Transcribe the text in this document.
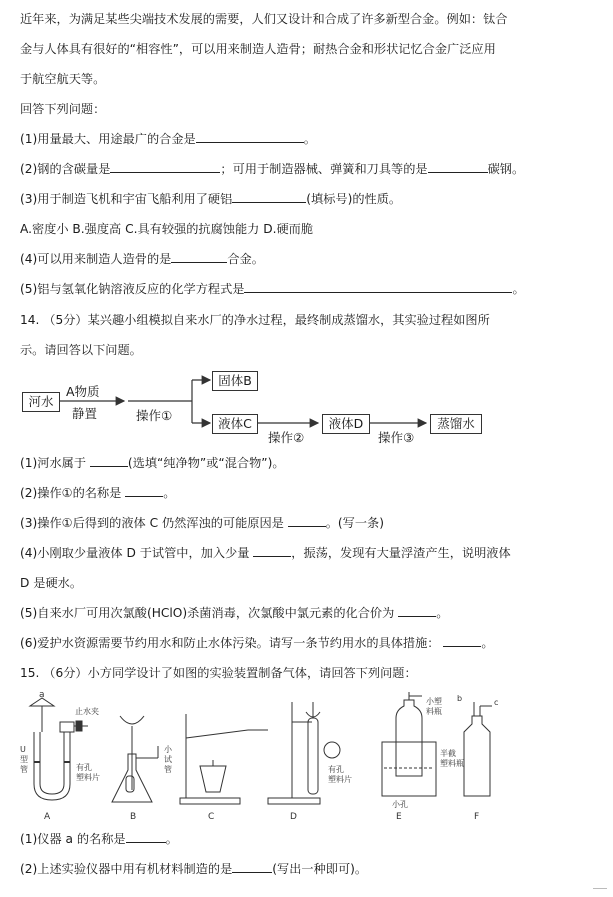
近年来，为满足某些尖端技术发展的需要，人们又设计和合成了许多新型合金。例如：钛合
金与人体具有很好的“相容性”，可以用来制造人造骨；耐热合金和形状记忆合金广泛应用
于航空航天等。
回答下列问题：
(1)用量最大、用途最广的合金是	。
(2)钢的含碳量是	；可用于制造器械、弹簧和刀具等的是	碳钢。
(3)用于制造飞机和宇宙飞船利用了硬铝	(填标号)的性质。
A.密度小 B.强度高 C.具有较强的抗腐蚀能力 D.硬而脆
(4)可以用来制造人造骨的是	合金。
(5)铝与氢氧化钠溶液反应的化学方程式是	。
14. （5分）某兴趣小组模拟自来水厂的净水过程，最终制成蒸馏水，其实验过程如图所
示。请回答以下问题。
河水
A物质
静置	操作①
固体B
液体C
操作②
液体D
操作③
蒸馏水
(1)河水属于	(选填“纯净物”或“混合物”)。
(2)操作①的名称是	。
(3)操作①后得到的液体 C 仍然浑浊的可能原因是	。(写一条)
(4)小刚取少量液体 D 于试管中，加入少量	，振荡，发现有大量浮渣产生，说明液体
D 是硬水。
(5)自来水厂可用次氯酸(HClO)杀菌消毒，次氯酸中氯元素的化合价为	。
(6)爱护水资源需要节约用水和防止水体污染。请写一条节约用水的具体措施：	。
15. （6分）小方同学设计了如图的实验装置制备气体，请回答下列问题：
a
止水夹
U
型
管	有孔
塑料片
小
试
管	有孔
塑料片
小塑
料瓶
半截
塑料瓶
小孔
b	c
A	B	C	D	E	F
(1)仪器 a 的名称是	。
(2)上述实验仪器中用有机材料制造的是	(写出一种即可)。
